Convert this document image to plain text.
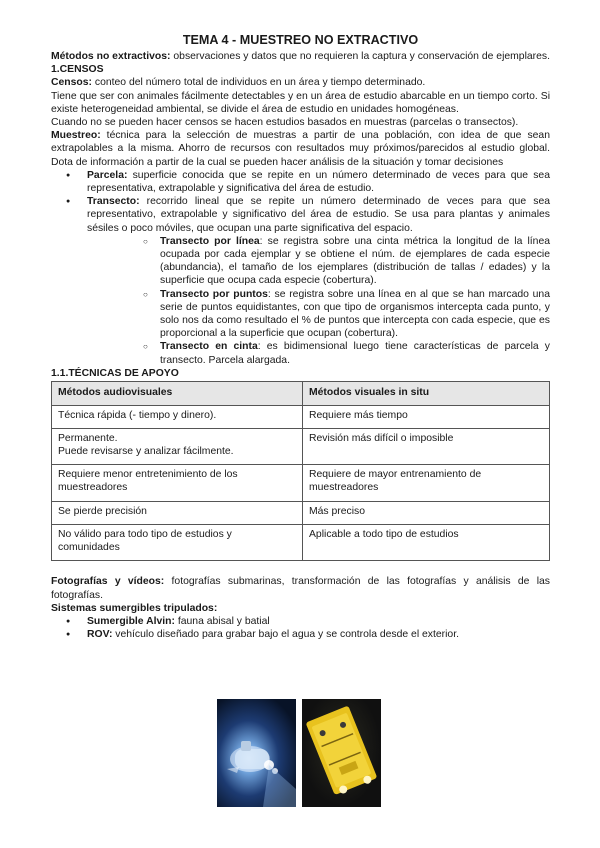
TEMA 4 - MUESTREO NO EXTRACTIVO

Métodos no extractivos: observaciones y datos que no requieren la captura y conservación de ejemplares.

1.CENSOS

Censos: conteo del número total de individuos en un área y tiempo determinado.

Tiene que ser con animales fácilmente detectables y en un área de estudio abarcable en un tiempo corto. Si existe heterogeneidad ambiental, se divide el área de estudio en unidades homogéneas.

Cuando no se pueden hacer censos se hacen estudios basados en muestras (parcelas o transectos).

Muestreo: técnica para la selección de muestras a partir de una población, con idea de que sean extrapolables a la misma. Ahorro de recursos con resultados muy próximos/parecidos al estudio global. Dota de información a partir de la cual se pueden hacer análisis de la situación y tomar decisiones

● Parcela: superficie conocida que se repite en un número determinado de veces para que sea representativa, extrapolable y significativa del área de estudio.
● Transecto: recorrido lineal que se repite un número determinado de veces para que sea representativo, extrapolable y significativo del área de estudio. Se usa para plantas y animales sésiles o poco móviles, que ocupan una parte significativa del espacio.
○ Transecto por línea: se registra sobre una cinta métrica la longitud de la línea ocupada por cada ejemplar y se obtiene el núm. de ejemplares de cada especie (abundancia), el tamaño de los ejemplares (distribución de tallas / edades) y la superficie que ocupa cada especie (cobertura).
○ Transecto por puntos: se registra sobre una línea en al que se han marcado una serie de puntos equidistantes, con que tipo de organismos intercepta cada punto, y solo nos da como resultado el % de puntos que intercepta con cada especie, que es proporcional a la superficie que ocupan (cobertura).
○ Transecto en cinta: es bidimensional luego tiene características de parcela y transecto. Parcela alargada.

1.1.TÉCNICAS DE APOYO

Métodos audiovisuales	Métodos visuales in situ
Técnica rápida (- tiempo y dinero).	Requiere más tiempo
Permanente.
Puede revisarse y analizar fácilmente.	Revisión más difícil o imposible
Requiere menor entretenimiento de los muestreadores	Requiere de mayor entrenamiento de muestreadores
Se pierde precisión	Más preciso
No válido para todo tipo de estudios y comunidades	Aplicable a todo tipo de estudios

Fotografías y vídeos: fotografías submarinas, transformación de las fotografías y análisis de las fotografías.

Sistemas sumergibles tripulados:

● Sumergible Alvin: fauna abisal y batial
● ROV: vehículo diseñado para grabar bajo el agua y se controla desde el exterior.
